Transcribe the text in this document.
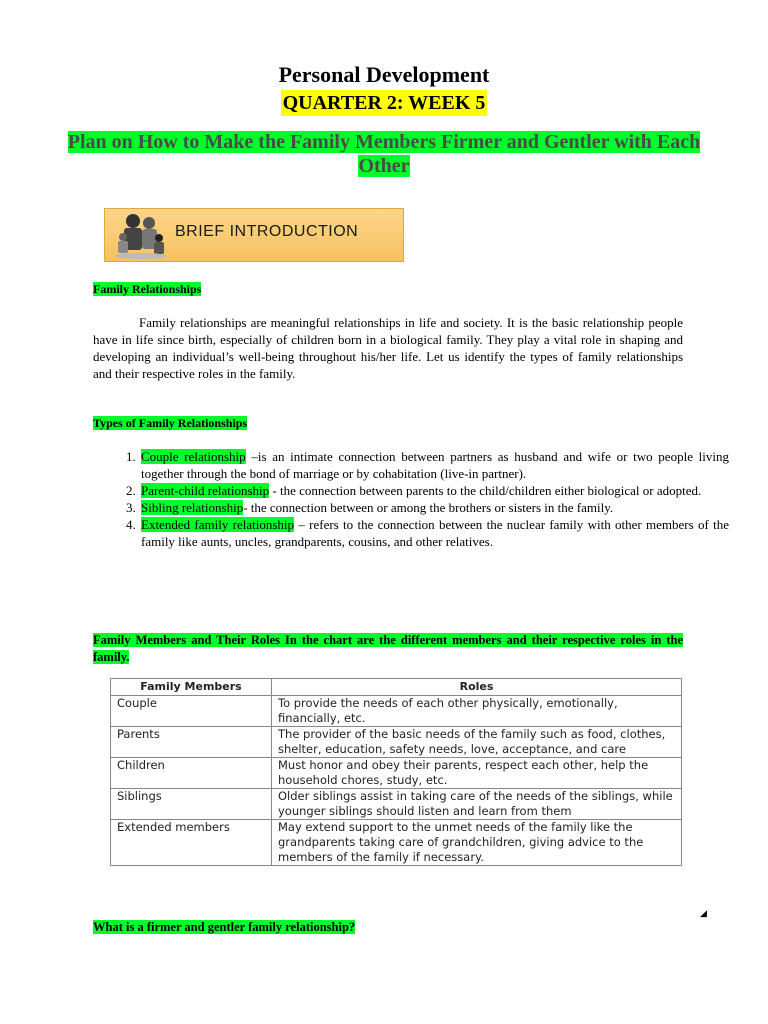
Personal Development
QUARTER 2: WEEK 5
Plan on How to Make the Family Members Firmer and Gentler with Each Other
BRIEF INTRODUCTION
Family Relationships
Family relationships are meaningful relationships in life and society. It is the basic relationship people have in life since birth, especially of children born in a biological family. They play a vital role in shaping and developing an individual’s well-being throughout his/her life. Let us identify the types of family relationships and their respective roles in the family.
Types of Family Relationships
1. Couple relationship –is an intimate connection between partners as husband and wife or two people living together through the bond of marriage or by cohabitation (live-in partner).
2. Parent-child relationship - the connection between parents to the child/children either biological or adopted.
3. Sibling relationship- the connection between or among the brothers or sisters in the family.
4. Extended family relationship – refers to the connection between the nuclear family with other members of the family like aunts, uncles, grandparents, cousins, and other relatives.
Family Members and Their Roles In the chart are the different members and their respective roles in the family.
Family Members	Roles
Couple	To provide the needs of each other physically, emotionally, financially, etc.
Parents	The provider of the basic needs of the family such as food, clothes, shelter, education, safety needs, love, acceptance, and care
Children	Must honor and obey their parents, respect each other, help the household chores, study, etc.
Siblings	Older siblings assist in taking care of the needs of the siblings, while younger siblings should listen and learn from them
Extended members	May extend support to the unmet needs of the family like the grandparents taking care of grandchildren, giving advice to the members of the family if necessary.
◢
What is a firmer and gentler family relationship?
